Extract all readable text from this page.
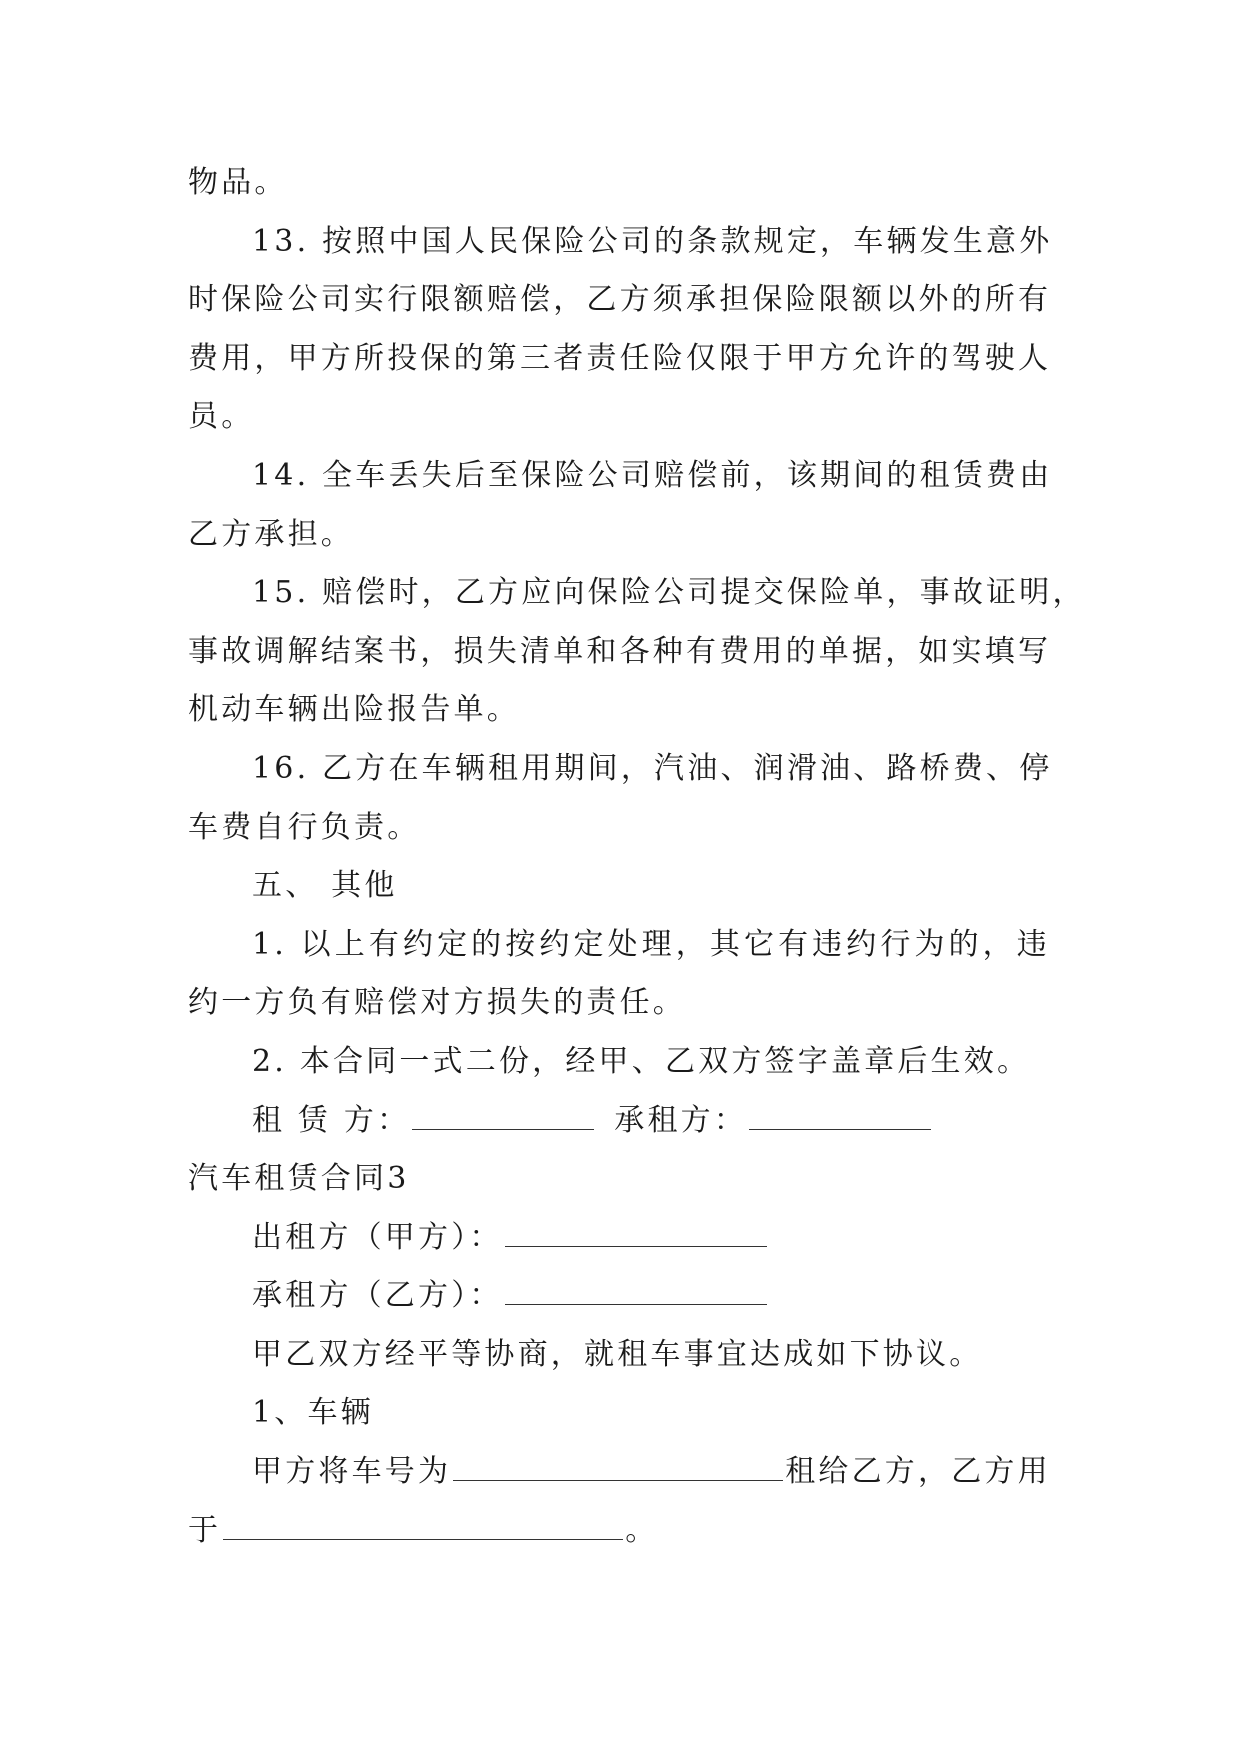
物品。
13. 按照中国人民保险公司的条款规定，车辆发生意外
时保险公司实行限额赔偿，乙方须承担保险限额以外的所有
费用，甲方所投保的第三者责任险仅限于甲方允许的驾驶人
员。
14. 全车丢失后至保险公司赔偿前，该期间的租赁费由
乙方承担。
15. 赔偿时，乙方应向保险公司提交保险单，事故证明，
事故调解结案书，损失清单和各种有费用的单据，如实填写
机动车辆出险报告单。
16. 乙方在车辆租用期间，汽油、润滑油、路桥费、停
车费自行负责。
五、 其他
1. 以上有约定的按约定处理，其它有违约行为的，违
约一方负有赔偿对方损失的责任。
2. 本合同一式二份，经甲、乙双方签字盖章后生效。
租 赁 方：	承租方：
汽车租赁合同3
出租方（甲方）：
承租方（乙方）：
甲乙双方经平等协商，就租车事宜达成如下协议。
1、车辆
甲方将车号为	租给乙方，乙方用
于	。
